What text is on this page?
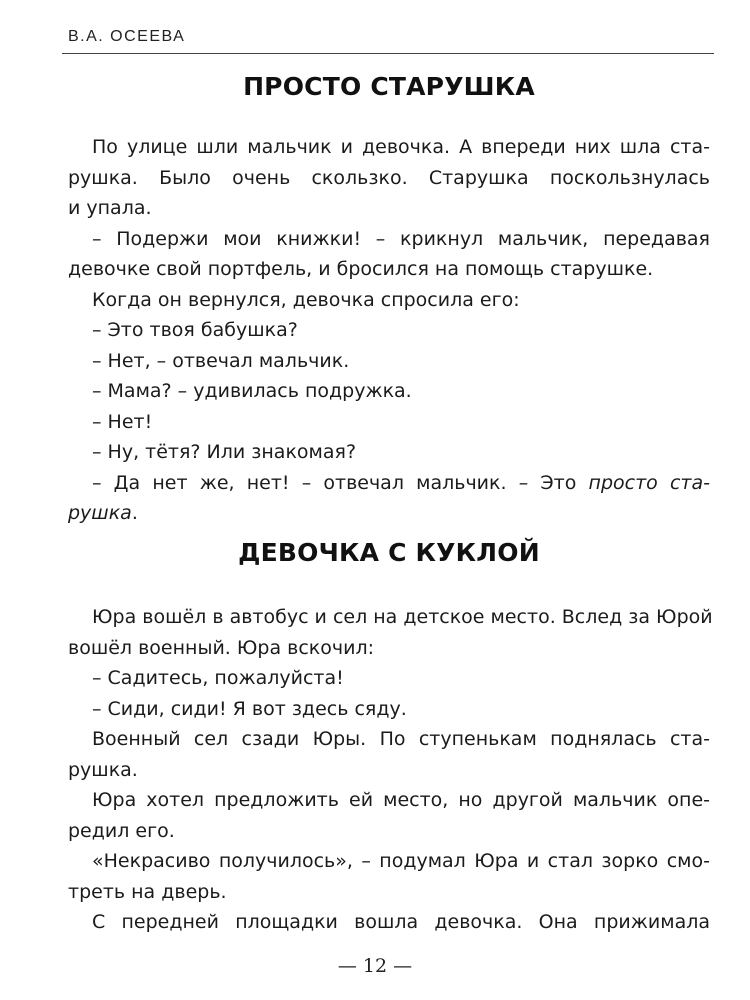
В.А. ОСЕЕВА
ПРОСТО СТАРУШКА
По улице шли мальчик и девочка. А впереди них шла ста-
рушка. Было очень скользко. Старушка поскользнулась
и упала.
– Подержи мои книжки! – крикнул мальчик, передавая
девочке свой портфель, и бросился на помощь старушке.
Когда он вернулся, девочка спросила его:
– Это твоя бабушка?
– Нет, – отвечал мальчик.
– Мама? – удивилась подружка.
– Нет!
– Ну, тётя? Или знакомая?
– Да нет же, нет! – отвечал мальчик. – Это просто ста-
рушка.
ДЕВОЧКА С КУКЛОЙ
Юра вошёл в автобус и сел на детское место. Вслед за Юрой
вошёл военный. Юра вскочил:
– Садитесь, пожалуйста!
– Сиди, сиди! Я вот здесь сяду.
Военный сел сзади Юры. По ступенькам поднялась ста-
рушка.
Юра хотел предложить ей место, но другой мальчик опе-
редил его.
«Некрасиво получилось», – подумал Юра и стал зорко смо-
треть на дверь.
С передней площадки вошла девочка. Она прижимала
— 12 —
